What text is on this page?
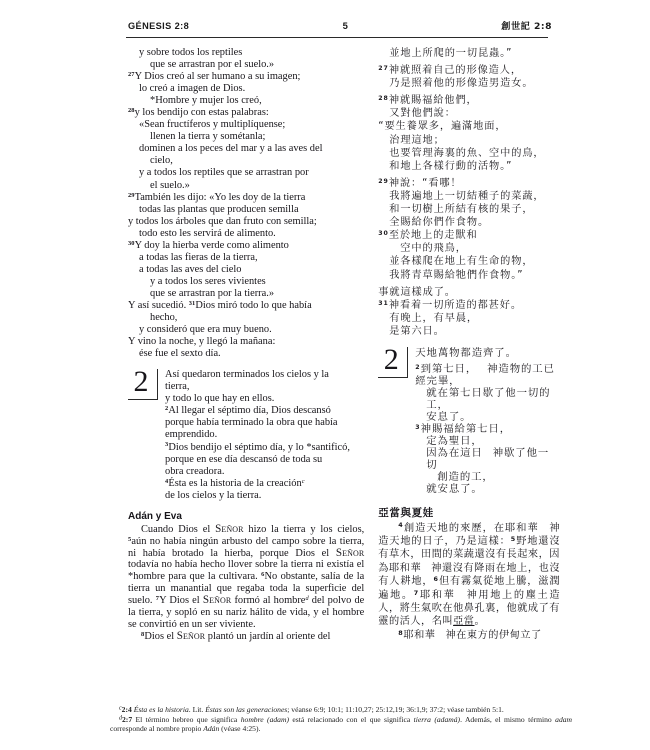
GÉNESIS 2:8	5	創世記 2:8
y sobre todos los reptiles
que se arrastran por el suelo.»
$^{27}$Y Dios creó al ser humano a su imagen;
lo creó a imagen de Dios.
*Hombre y mujer los creó,
$^{28}$y los bendijo con estas palabras:
«Sean fructíferos y multiplíquense;
llenen la tierra y sométanla;
dominen a los peces del mar y a las aves del
cielo,
y a todos los reptiles que se arrastran por
el suelo.»
$^{29}$También les dijo: «Yo les doy de la tierra
todas las plantas que producen semilla
y todos los árboles que dan fruto con semilla;
todo esto les servirá de alimento.
$^{30}$Y doy la hierba verde como alimento
a todas las fieras de la tierra,
a todas las aves del cielo
y a todos los seres vivientes
que se arrastran por la tierra.»
Y así sucedió. $^{31}$Dios miró todo lo que había
hecho,
y consideró que era muy bueno.
Y vino la noche, y llegó la mañana:
ése fue el sexto día.
2	Así quedaron terminados los cielos y la
tierra,
y todo lo que hay en ellos.
$^2$Al llegar el séptimo día, Dios descansó
porque había terminado la obra que había
emprendido.
$^3$Dios bendijo el séptimo día, y lo *santificó,
porque en ese día descansó de toda su
obra creadora.
$^4$Ésta es la historia de la creación$^c$
de los cielos y la tierra.
Adán y Eva

Cuando Dios el Señor hizo la tierra y los cielos, $^5$aún no había ningún arbusto del campo sobre la tierra, ni había brotado la hierba, porque Dios el Señor todavía no había hecho llover sobre la tierra ni existía el *hombre para que la cultivara. $^6$No obstante, salía de la tierra un manantial que regaba toda la superficie del suelo. $^7$Y Dios el Señor formó al hombre$^d$ del polvo de la tierra, y sopló en su nariz hálito de vida, y el hombre se convirtió en un ser viviente.

$^8$Dios el Señor plantó un jardín al oriente del

並地上所爬的一切昆蟲。”
$^{27}$神就照着自己的形像造人，
乃是照着他的形像造男造女。
$^{28}$神就賜福給他們，
又對他們說：
“要生養眾多，遍滿地面，
治理這地；
也要管理海裏的魚、空中的鳥，
和地上各樣行動的活物。”
$^{29}$神說：“看哪！
我將遍地上一切結種子的菜蔬，
和一切樹上所結有核的果子，
全賜給你們作食物。
$^{30}$至於地上的走獸和
空中的飛鳥，
並各樣爬在地上有生命的物，
我將青草賜給牠們作食物。”
事就這樣成了。
$^{31}$神看着一切所造的都甚好。
有晚上，有早晨，
是第六日。
2	天地萬物都造齊了。
$^2$到第七日， 神造物的工已經完畢，
就在第七日歇了他一切的工，
安息了。
$^3$神賜福給第七日，
定為聖日，
因為在這日 神歇了他一切
創造的工，
就安息了。
亞當與夏娃

$^4$創造天地的來歷，在耶和華 神造天地的日子，乃是這樣：$^5$野地還沒有草木，田間的菜蔬還沒有長起來，因為耶和華 神還沒有降雨在地上，也沒有人耕地，$^6$但有霧氣從地上騰，滋潤遍地。$^7$耶和華 神用地上的塵土造人，將生氣吹在他鼻孔裏，他就成了有靈的活人，名叫亞當。

$^8$耶和華 神在東方的伊甸立了

$^c$2:4 Ésta es la historia. Lit. Éstas son las generaciones; véanse 6:9; 10:1; 11:10,27; 25:12,19; 36:1,9; 37:2; véase también 5:1.

$^d$2:7 El término hebreo que significa hombre (adam) está relacionado con el que significa tierra (adamá). Además, el mismo término adam corresponde al nombre propio Adán (véase 4:25).
